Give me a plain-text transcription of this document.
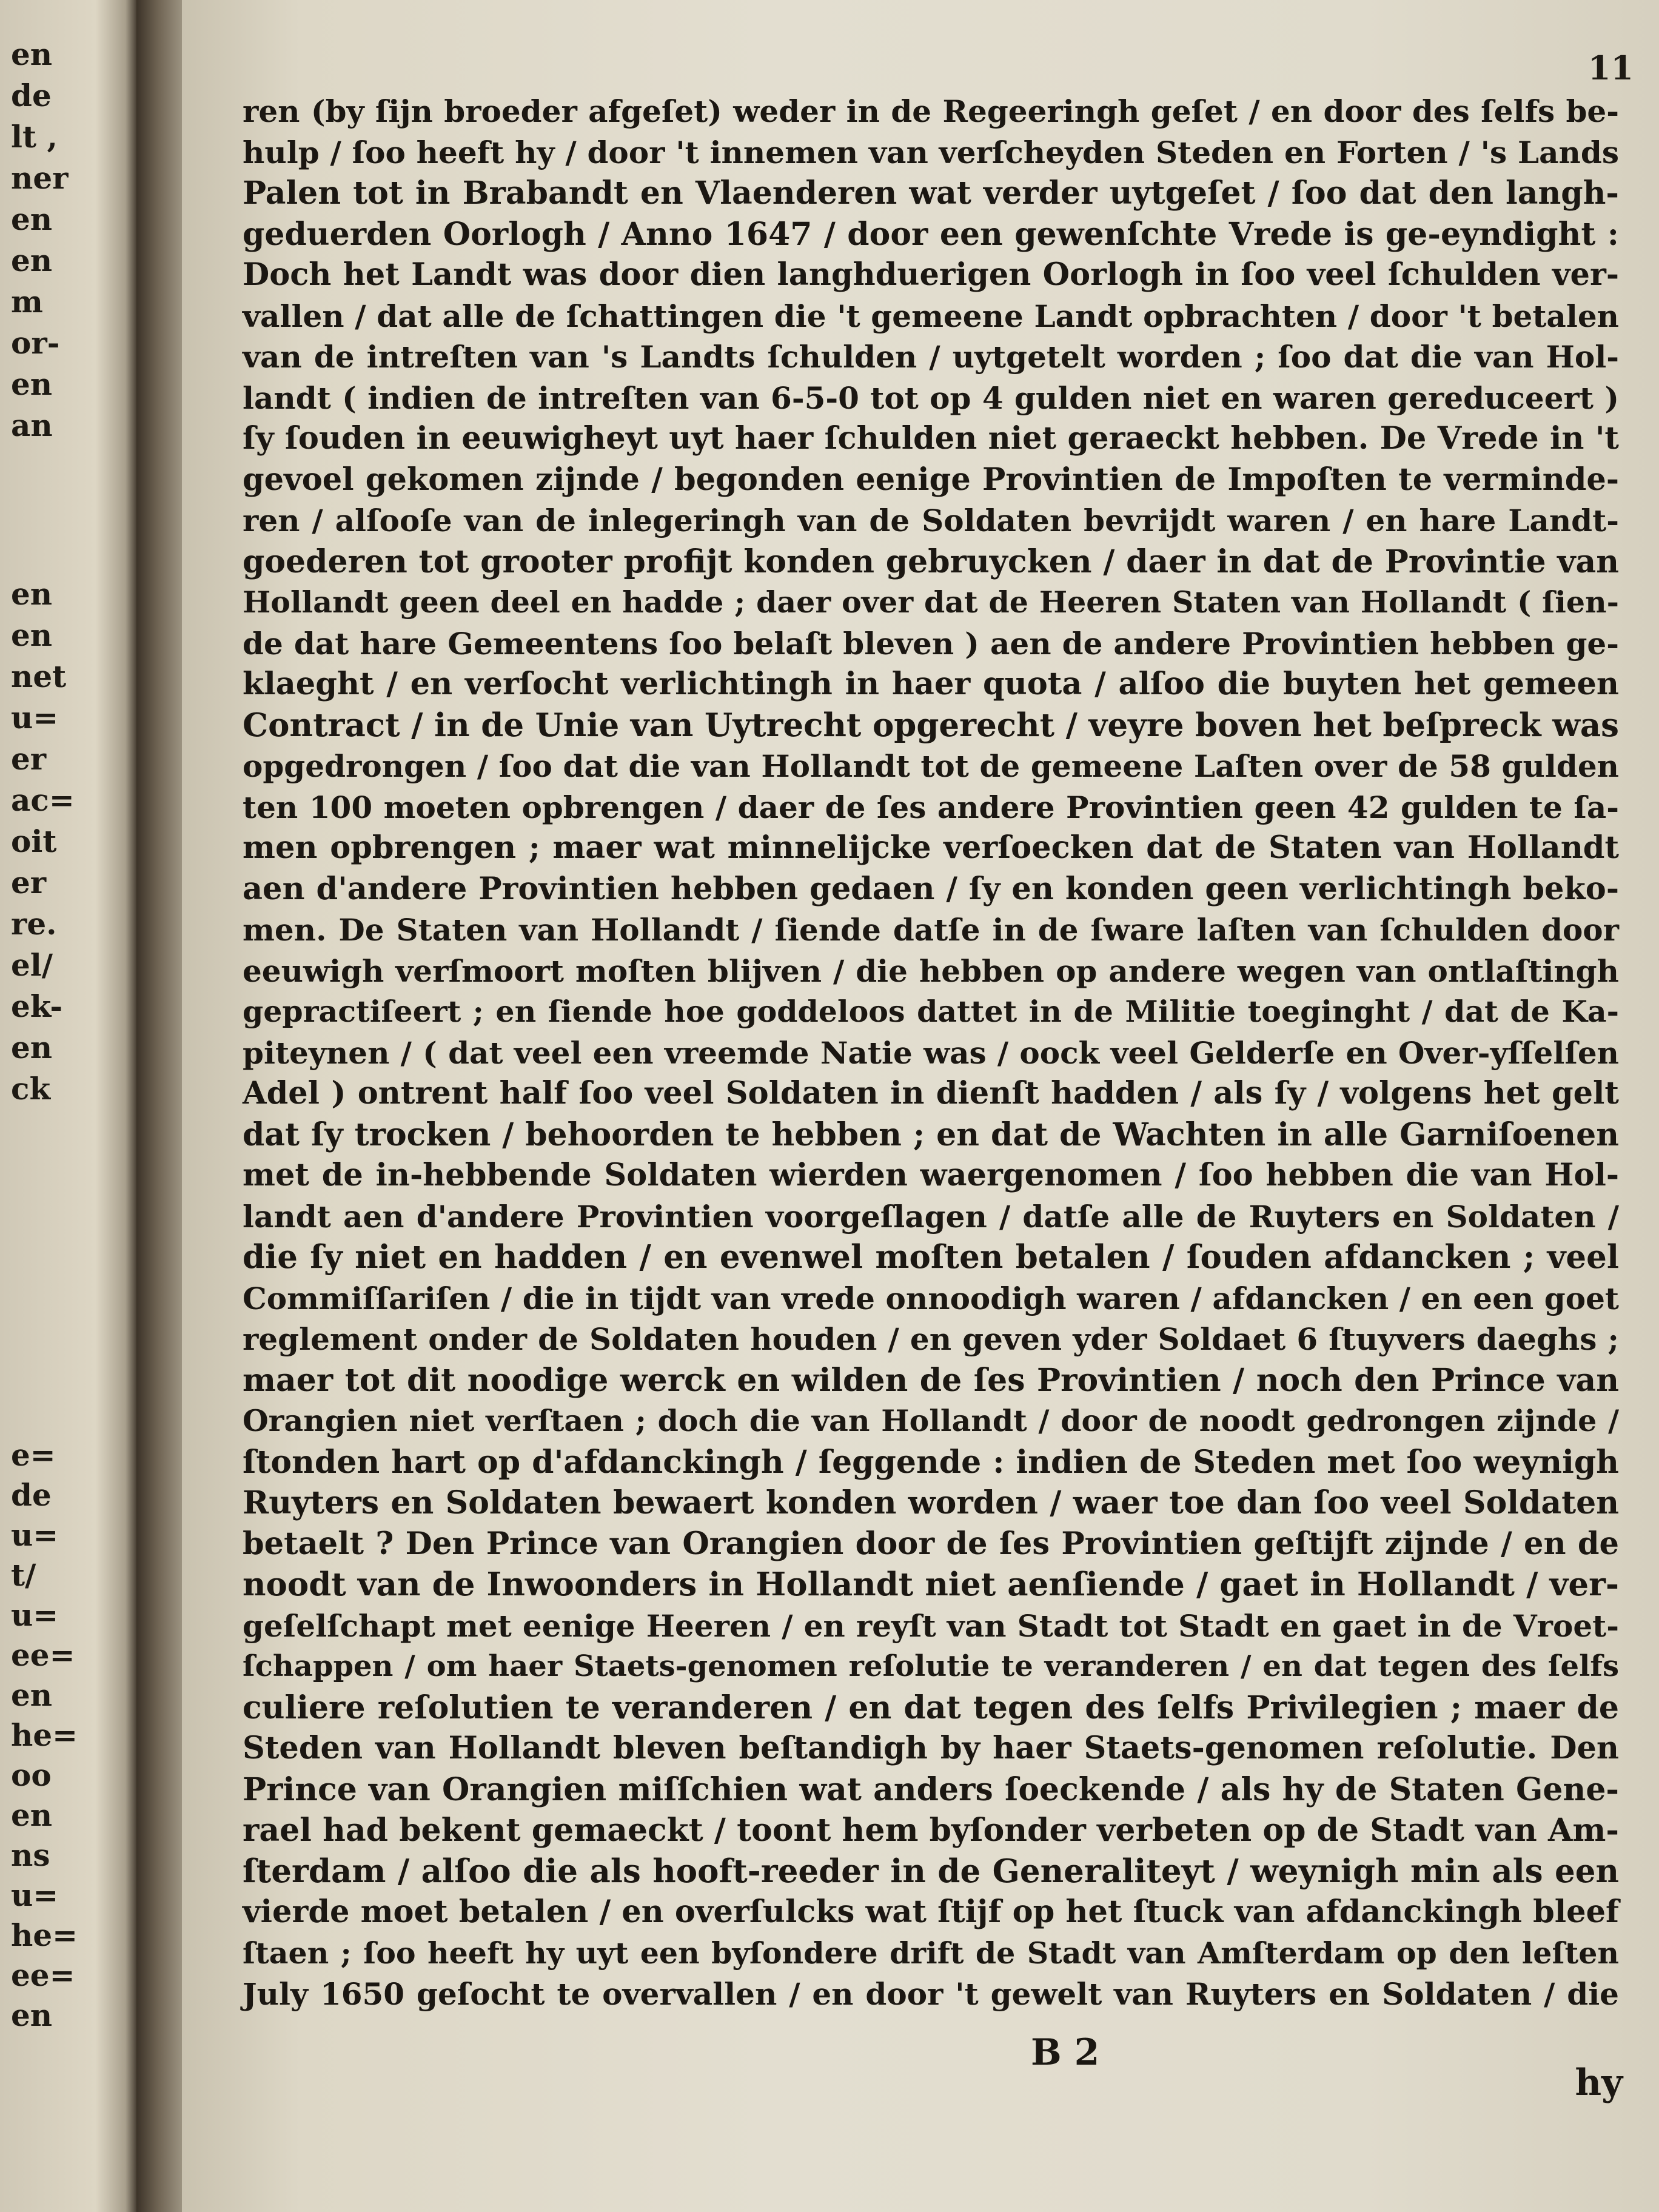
en
de
lt ,
ner
en
en
m
or-
en
an
en
en
net
u=
er
ac=
oit
er
re.
el/
ek-
en
ck
e=
de
u=
t/
u=
ee=
en
he=
oo
en
ns
u=
he=
ee=
en
11
ren (by ſijn broeder afgeſet) weder in de Regeeringh geſet / en door des ſelfs be-
hulp / ſoo heeft hy / door 't innemen van verſcheyden Steden en Forten / 's Lands
Palen tot in Brabandt en Vlaenderen wat verder uytgeſet / ſoo dat den langh-
geduerden Oorlogh / Anno 1647 / door een gewenſchte Vrede is ge-eyndight :
Doch het Landt was door dien langhduerigen Oorlogh in ſoo veel ſchulden ver-
vallen / dat alle de ſchattingen die 't gemeene Landt opbrachten / door 't betalen
van de intreſten van 's Landts ſchulden / uytgetelt worden ; ſoo dat die van Hol-
landt ( indien de intreſten van 6-5-0 tot op 4 gulden niet en waren gereduceert )
ſy ſouden in eeuwigheyt uyt haer ſchulden niet geraeckt hebben. De Vrede in 't
gevoel gekomen zijnde / begonden eenige Provintien de Impoſten te verminde-
ren / alſooſe van de inlegeringh van de Soldaten bevrijdt waren / en hare Landt-
goederen tot grooter profijt konden gebruycken / daer in dat de Provintie van
Hollandt geen deel en hadde ; daer over dat de Heeren Staten van Hollandt ( ſien-
de dat hare Gemeentens ſoo belaſt bleven ) aen de andere Provintien hebben ge-
klaeght / en verſocht verlichtingh in haer quota / alſoo die buyten het gemeen
Contract / in de Unie van Uytrecht opgerecht / veyre boven het beſpreck was
opgedrongen / ſoo dat die van Hollandt tot de gemeene Laſten over de 58 gulden
ten 100 moeten opbrengen / daer de ſes andere Provintien geen 42 gulden te ſa-
men opbrengen ; maer wat minnelijcke verſoecken dat de Staten van Hollandt
aen d'andere Provintien hebben gedaen / ſy en konden geen verlichtingh beko-
men. De Staten van Hollandt / ſiende datſe in de ſware laſten van ſchulden door
eeuwigh verſmoort moſten blijven / die hebben op andere wegen van ontlaſtingh
gepractiſeert ; en ſiende hoe goddeloos dattet in de Militie toeginght / dat de Ka-
piteynen / ( dat veel een vreemde Natie was / oock veel Gelderſe en Over-yſſelſen
Adel ) ontrent half ſoo veel Soldaten in dienſt hadden / als ſy / volgens het gelt
dat ſy trocken / behoorden te hebben ; en dat de Wachten in alle Garniſoenen
met de in-hebbende Soldaten wierden waergenomen / ſoo hebben die van Hol-
landt aen d'andere Provintien voorgeſlagen / datſe alle de Ruyters en Soldaten /
die ſy niet en hadden / en evenwel moſten betalen / ſouden afdancken ; veel
Commiſſariſen / die in tijdt van vrede onnoodigh waren / afdancken / en een goet
reglement onder de Soldaten houden / en geven yder Soldaet 6 ſtuyvers daeghs ;
maer tot dit noodige werck en wilden de ſes Provintien / noch den Prince van
Orangien niet verſtaen ; doch die van Hollandt / door de noodt gedrongen zijnde /
ſtonden hart op d'afdanckingh / ſeggende : indien de Steden met ſoo weynigh
Ruyters en Soldaten bewaert konden worden / waer toe dan ſoo veel Soldaten
betaelt ? Den Prince van Orangien door de ſes Provintien geſtijft zijnde / en de
noodt van de Inwoonders in Hollandt niet aenſiende / gaet in Hollandt / ver-
geſelſchapt met eenige Heeren / en reyſt van Stadt tot Stadt en gaet in de Vroet-
ſchappen / om haer Staets-genomen reſolutie te veranderen / en dat tegen des ſelfs
culiere reſolutien te veranderen / en dat tegen des ſelfs Privilegien ; maer de
Steden van Hollandt bleven beſtandigh by haer Staets-genomen reſolutie. Den
Prince van Orangien miſſchien wat anders ſoeckende / als hy de Staten Gene-
rael had bekent gemaeckt / toont hem byſonder verbeten op de Stadt van Am-
ſterdam / alſoo die als hooft-reeder in de Generaliteyt / weynigh min als een
vierde moet betalen / en overſulcks wat ſtijf op het ſtuck van afdanckingh bleef
ſtaen ; ſoo heeft hy uyt een byſondere drift de Stadt van Amſterdam op den leſten
July 1650 geſocht te overvallen / en door 't gewelt van Ruyters en Soldaten / die
B 2
hy
